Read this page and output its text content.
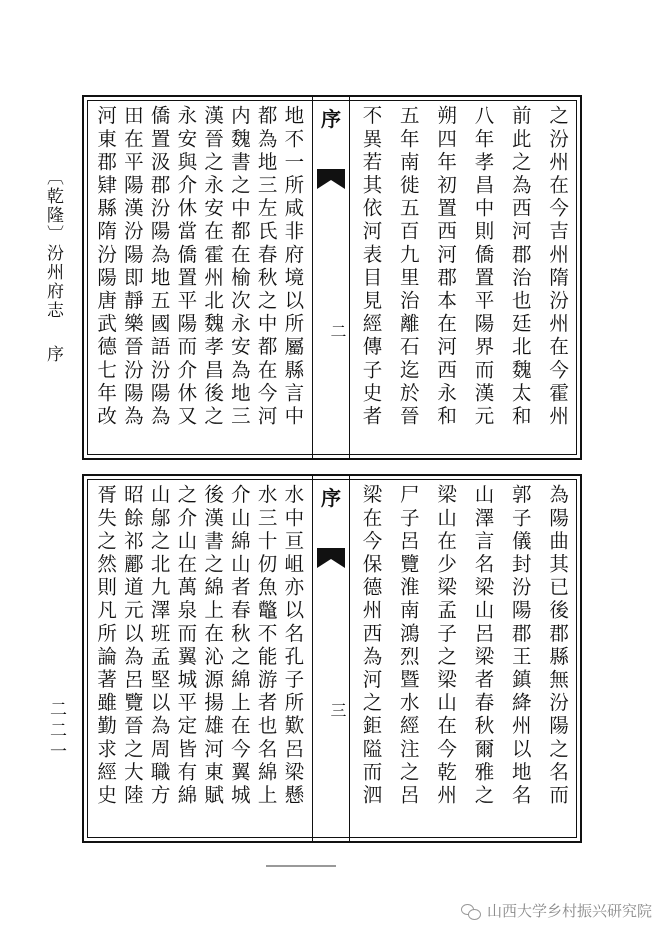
〔乾隆〕汾州府志 序
二二一
之汾州在今吉州隋汾州在今霍州
前此之為西河郡治也廷北魏太和
八年孝昌中則僑置平陽界而漢元
朔四年初置西河郡本在河西永和
五年南徙五百九里治離石迄於晉
不異若其依河表目見經傳子史者
序
二
地不一所咸非府境以所屬縣言中
都為地三左氏春秋之中都在今河
内魏書之中都在榆次永安為地三
漢晉之永安在霍州北魏孝昌後之
永安與介休當僑置平陽而介休又
僑置汲郡汾陽為地五國語汾陽為
田在平陽漢汾陽即靜樂晉汾陽為
河東郡肄縣隋汾陽唐武德七年改
為陽曲其已後郡縣無汾陽之名而
郭子儀封汾陽郡王鎮絳州以地名
山澤言名梁山呂梁者春秋爾雅之
梁山在少梁孟子之梁山在今乾州
尸子呂覽淮南鴻烈暨水經注之呂
梁在今保德州西為河之鉅隘而泗
序
三
水中亘岨亦以名孔子所歎呂梁懸
水三十仞魚鼈不能游者也名綿上
介山綿山者春秋之綿上在今翼城
後漢書之綿上在沁源揚雄河東賦
之介山在萬泉而翼城平定皆有綿
山鄔之北九澤班孟堅以為周職方
昭餘祁酈道元以為呂覽晉之大陸
胥失之然則凡所論著雖勤求經史
山西大学乡村振兴研究院
